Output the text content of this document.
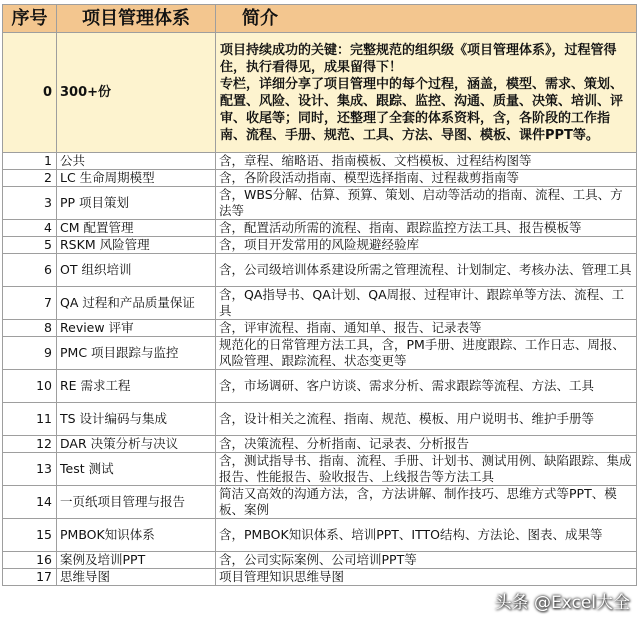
序号	项目管理体系	简介
0	300+份	项目持续成功的关键：完整规范的组织级《项目管理体系》，过程管得住，执行看得见，成果留得下！
专栏，详细分享了项目管理中的每个过程，涵盖，模型、需求、策划、配置、风险、设计、集成、跟踪、监控、沟通、质量、决策、培训、评审、收尾等；同时，还整理了全套的体系资料，含，各阶段的工作指南、流程、手册、规范、工具、方法、导图、模板、课件PPT等。
1	公共	含，章程、缩略语、指南模板、文档模板、过程结构图等
2	LC 生命周期模型	含，各阶段活动指南、模型选择指南、过程裁剪指南等
3	PP 项目策划	含，WBS分解、估算、预算、策划、启动等活动的指南、流程、工具、方法等
4	CM 配置管理	含，配置活动所需的流程、指南、跟踪监控方法工具、报告模板等
5	RSKM 风险管理	含，项目开发常用的风险规避经验库
6	OT 组织培训	含，公司级培训体系建设所需之管理流程、计划制定、考核办法、管理工具
7	QA 过程和产品质量保证	含，QA指导书、QA计划、QA周报、过程审计、跟踪单等方法、流程、工具
8	Review 评审	含，评审流程、指南、通知单、报告、记录表等
9	PMC 项目跟踪与监控	规范化的日常管理方法工具，含，PM手册、进度跟踪、工作日志、周报、风险管理、跟踪流程、状态变更等
10	RE 需求工程	含，市场调研、客户访谈、需求分析、需求跟踪等流程、方法、工具
11	TS 设计编码与集成	含，设计相关之流程、指南、规范、模板、用户说明书、维护手册等
12	DAR 决策分析与决议	含，决策流程、分析指南、记录表、分析报告
13	Test 测试	含，测试指导书、指南、流程、手册、计划书、测试用例、缺陷跟踪、集成报告、性能报告、验收报告、上线报告等方法工具
14	一页纸项目管理与报告	简洁又高效的沟通方法，含，方法讲解、制作技巧、思维方式等PPT、模板、案例
15	PMBOK知识体系	含，PMBOK知识体系、培训PPT、ITTO结构、方法论、图表、成果等
16	案例及培训PPT	含，公司实际案例、公司培训PPT等
17	思维导图	项目管理知识思维导图
头条 @Excel大全
